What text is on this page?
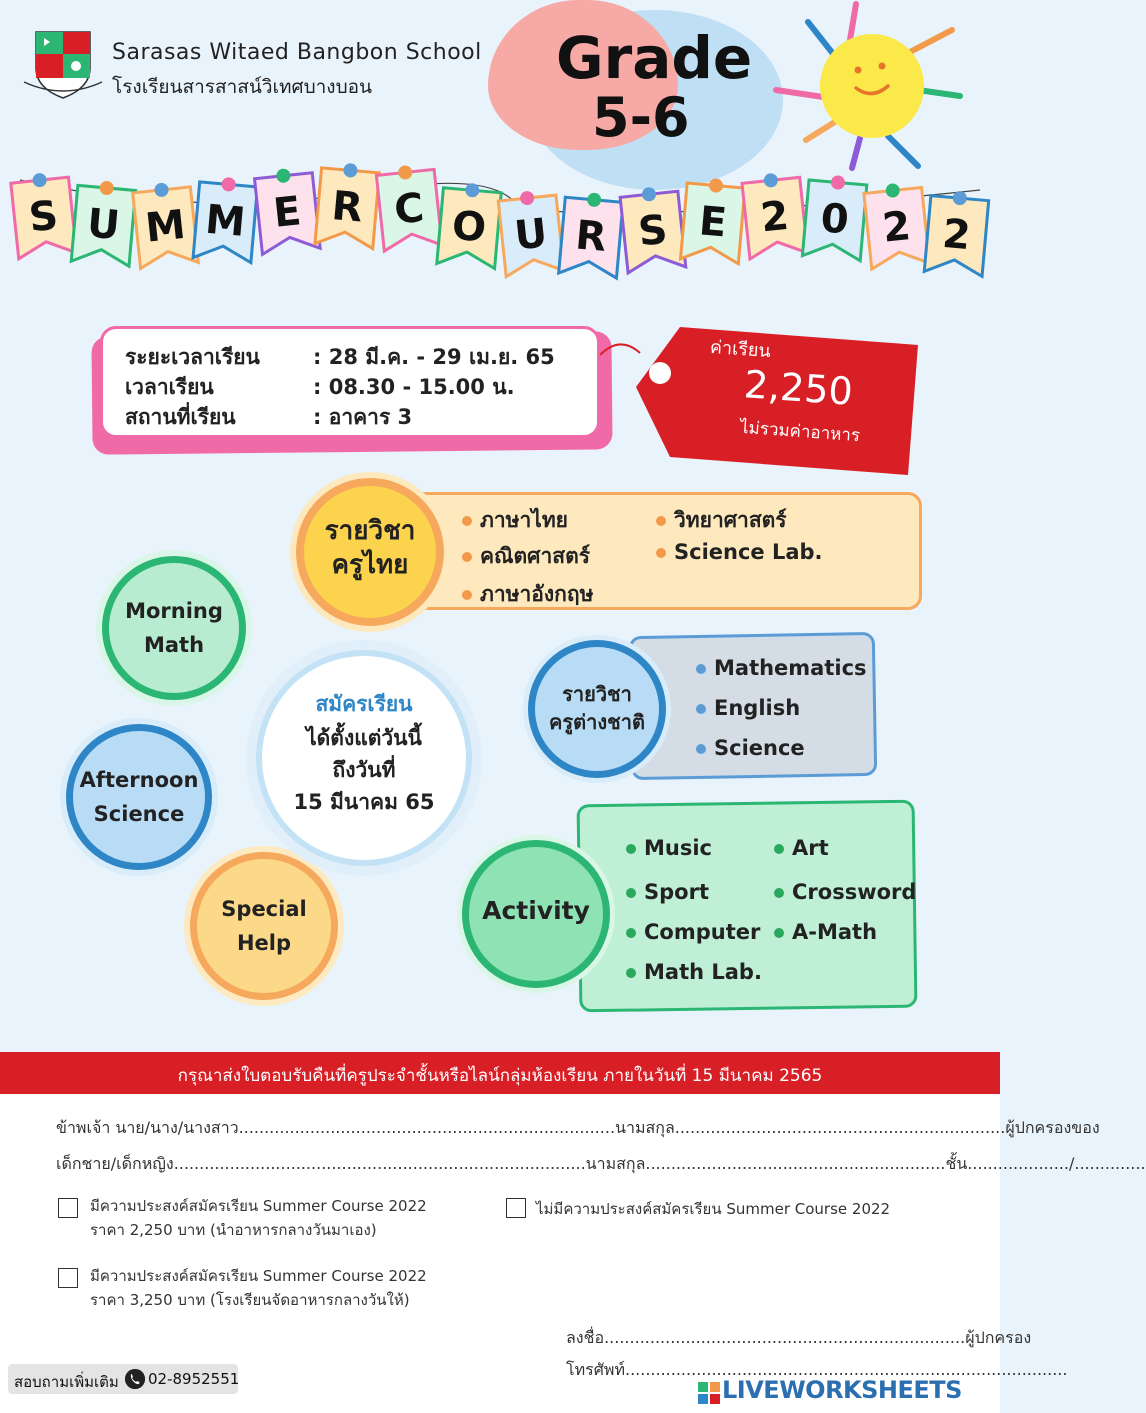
Sarasas Witaed Bangbon School
โรงเรียนสารสาสน์วิเทศบางบอน	Grade
5-6
S U M M E R C O U R S E 2 0 2 2
ระยะเวลาเรียน	: 28 มี.ค. - 29 เม.ย. 65
เวลาเรียน	: 08.30 - 15.00 น.
สถานที่เรียน	: อาคาร 3
ค่าเรียน
2,250
ไม่รวมค่าอาหาร
รายวิชา
ครูไทย
ภาษาไทย	วิทยาศาสตร์
คณิตศาสตร์	Science Lab.
ภาษาอังกฤษ
Morning
Math
Afternoon
Science
Special
Help
สมัครเรียน
ได้ตั้งแต่วันนี้
ถึงวันที่
15 มีนาคม 65
รายวิชา
ครูต่างชาติ
Mathematics
English
Science
Activity
Music	Art
Sport	Crossword
Computer	A-Math
Math Lab.
กรุณาส่งใบตอบรับคืนที่ครูประจำชั้นหรือไลน์กลุ่มห้องเรียน ภายในวันที่ 15 มีนาคม 2565
ข้าพเจ้า นาย/นาง/นางสาว..........................................................................นามสกุล.................................................................ผู้ปกครองของ
เด็กชาย/เด็กหญิง.................................................................................นามสกุล...........................................................ชั้น..................../..............
มีความประสงค์สมัครเรียน Summer Course 2022
ราคา 2,250 บาท (นำอาหารกลางวันมาเอง)
ไม่มีความประสงค์สมัครเรียน Summer Course 2022
มีความประสงค์สมัครเรียน Summer Course 2022
ราคา 3,250 บาท (โรงเรียนจัดอาหารกลางวันให้)
ลงชื่อ.......................................................................ผู้ปกครอง
โทรศัพท์.......................................................................................
สอบถามเพิ่มเติม 02-8952551	LIVEWORKSHEETS
